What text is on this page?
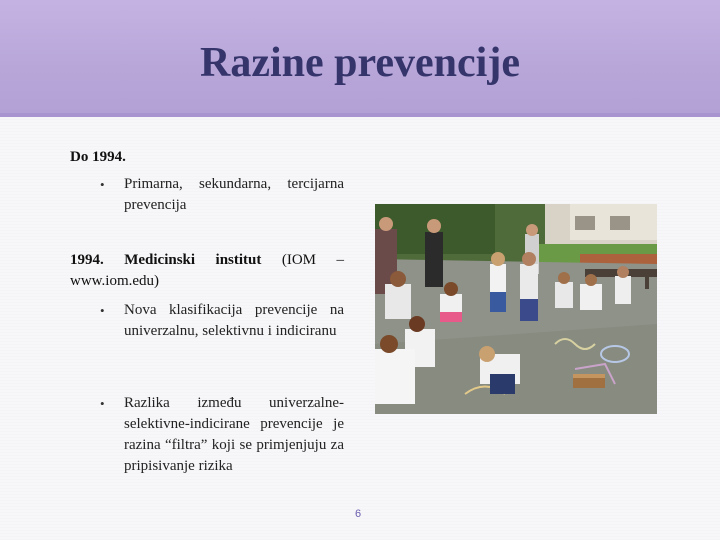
Razine prevencije
Do 1994.
• Primarna, sekundarna, tercijarna prevencija
1994. Medicinski institut (IOM – www.iom.edu)
• Nova klasifikacija prevencije na univerzalnu, selektivnu i indiciranu
• Razlika između univerzalne-selektivne-indicirane prevencije je razina “filtra” koji se primjenjuju za pripisivanje rizika
6
